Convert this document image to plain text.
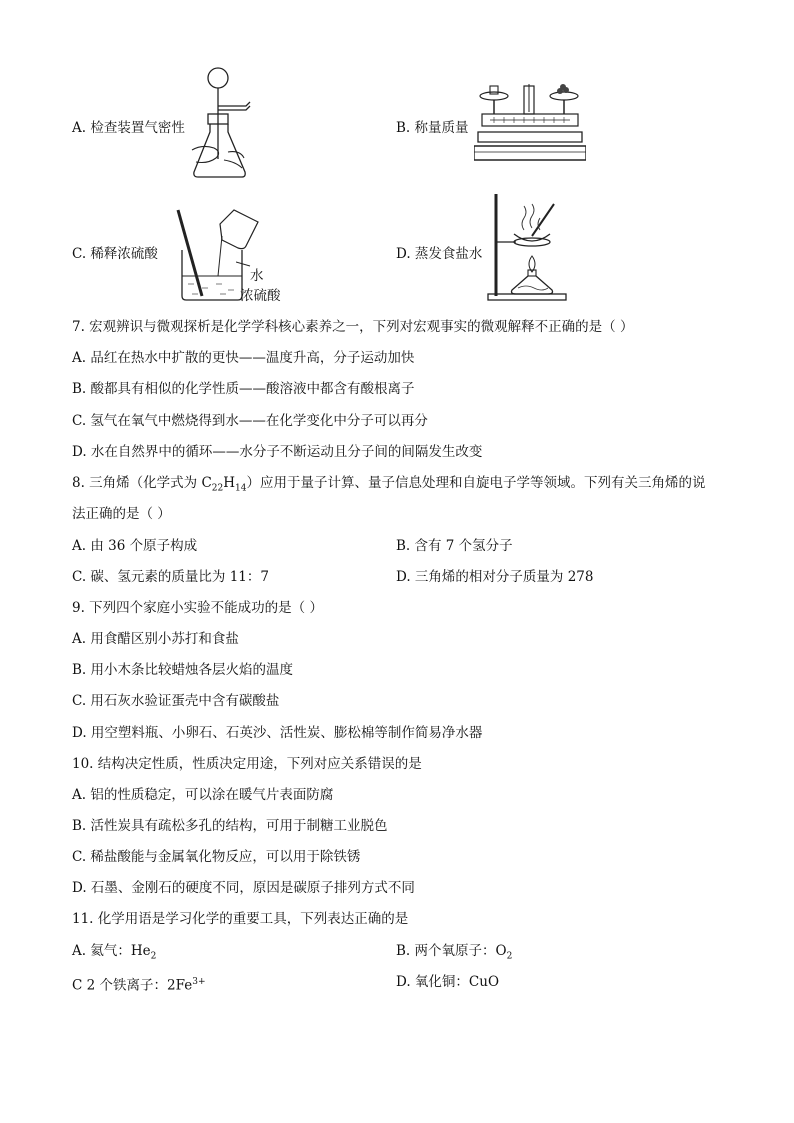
A. 检查装置气密性	B. 称量质量
C. 稀释浓硫酸
水
浓硫酸
D. 蒸发食盐水
7. 宏观辨识与微观探析是化学学科核心素养之一，下列对宏观事实的微观解释不正确的是（ ）
A. 品红在热水中扩散的更快——温度升高，分子运动加快
B. 酸都具有相似的化学性质——酸溶液中都含有酸根离子
C. 氢气在氧气中燃烧得到水——在化学变化中分子可以再分
D. 水在自然界中的循环——水分子不断运动且分子间的间隔发生改变
8. 三角烯（化学式为 $C_{22}H_{14}$）应用于量子计算、量子信息处理和自旋电子学等领域。下列有关三角烯的说
法正确的是（ ）
A. 由 36 个原子构成	B. 含有 7 个氢分子
C. 碳、氢元素的质量比为 11：7	D. 三角烯的相对分子质量为 278
9. 下列四个家庭小实验不能成功的是（ ）
A. 用食醋区别小苏打和食盐
B. 用小木条比较蜡烛各层火焰的温度
C. 用石灰水验证蛋壳中含有碳酸盐
D. 用空塑料瓶、小卵石、石英沙、活性炭、膨松棉等制作简易净水器
10. 结构决定性质，性质决定用途，下列对应关系错误的是
A. 铝的性质稳定，可以涂在暖气片表面防腐
B. 活性炭具有疏松多孔的结构，可用于制糖工业脱色
C. 稀盐酸能与金属氧化物反应，可以用于除铁锈
D. 石墨、金刚石的硬度不同，原因是碳原子排列方式不同
11. 化学用语是学习化学的重要工具，下列表达正确的是
A. 氦气：$He_2$	B. 两个氧原子：$O_2$
C 2 个铁离子：$2Fe^{3+}$	D. 氧化铜：CuO
